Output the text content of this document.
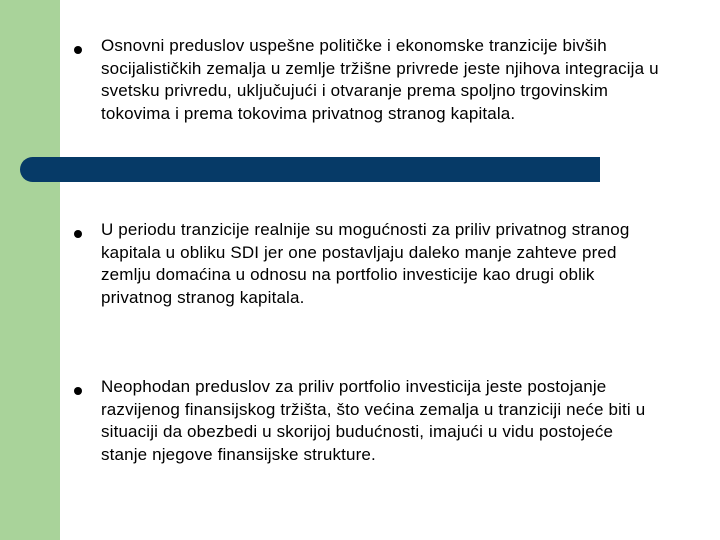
Osnovni preduslov uspešne političke i ekonomske tranzicije bivših socijalističkih zemalja u zemlje tržišne privrede jeste njihova integracija u svetsku privredu, uključujući i otvaranje prema spoljno trgovinskim tokovima i prema tokovima privatnog stranog kapitala.
U periodu tranzicije realnije su mogućnosti za priliv privatnog stranog kapitala u obliku SDI jer one postavljaju daleko manje zahteve pred zemlju domaćina u odnosu na portfolio investicije kao drugi oblik privatnog stranog kapitala.
Neophodan preduslov za priliv portfolio investicija jeste postojanje razvijenog finansijskog tržišta, što većina zemalja u tranziciji neće biti u situaciji da obezbedi u skorijoj budućnosti, imajući u vidu postojeće stanje njegove finansijske strukture.
